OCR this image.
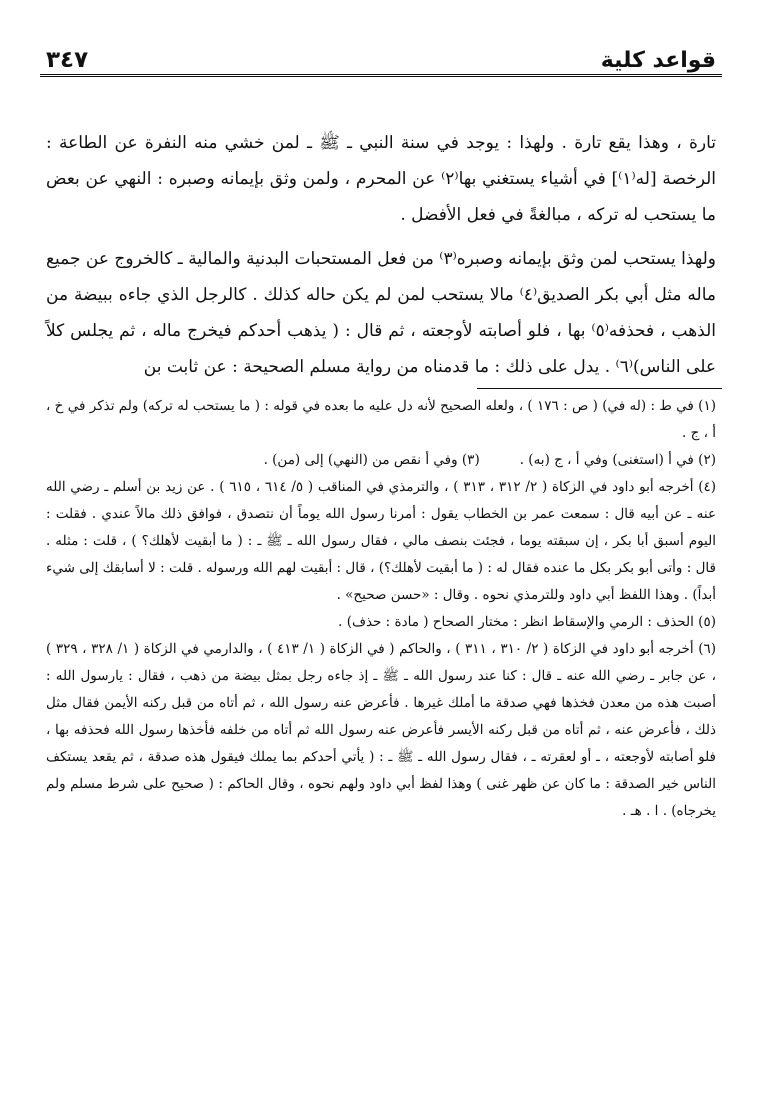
قواعد كلية
٣٤٧

تارة ، وهذا يقع تارة . ولهذا : يوجد في سنة النبي ـ ﷺ ـ لمن خشي منه النفرة عن الطاعة : الرخصة [له⁽١⁾] في أشياء يستغني بها⁽٢⁾ عن المحرم ، ولمن وثق بإيمانه وصبره : النهي عن بعض ما يستحب له تركه ، مبالغةً في فعل الأفضل .

ولهذا يستحب لمن وثق بإيمانه وصبره⁽٣⁾ من فعل المستحبات البدنية والمالية ـ كالخروج عن جميع ماله مثل أبي بكر الصديق⁽٤⁾ مالا يستحب لمن لم يكن حاله كذلك . كالرجل الذي جاءه ببيضة من الذهب ، فحذفه⁽٥⁾ بها ، فلو أصابته لأوجعته ، ثم قال : ( يذهب أحدكم فيخرج ماله ، ثم يجلس كلاً على الناس)⁽٦⁾ . يدل على ذلك : ما قدمناه من رواية مسلم الصحيحة : عن ثابت بن

(١) في ط : (له في) ( ص : ١٧٦ ) ، ولعله الصحيح لأنه دل عليه ما بعده في قوله : ( ما يستحب له تركه) ولم تذكر في خ ، أ ، ج .

(٢) في أ (استغنى) وفي أ ، ج (به) .
(٣) وفي أ نقص من (النهي) إلى (من) .

(٤) أخرجه أبو داود في الزكاة ( ٢/ ٣١٢ ، ٣١٣ ) ، والترمذي في المناقب ( ٥/ ٦١٤ ، ٦١٥ ) . عن زيد بن أسلم ـ رضي الله عنه ـ عن أبيه قال : سمعت عمر بن الخطاب يقول : أمرنا رسول الله يوماً أن نتصدق ، فوافق ذلك مالاً عندي . فقلت : اليوم أسبق أبا بكر ، إن سبقته يوما ، فجئت بنصف مالي ، فقال رسول الله ـ ﷺ ـ : ( ما أبقيت لأهلك؟ ) ، قلت : مثله . قال : وأتى أبو بكر بكل ما عنده فقال له : ( ما أبقيت لأهلك؟) ، قال : أبقيت لهم الله ورسوله . قلت : لا أسابقك إلى شيء أبداً) . وهذا اللفظ أبي داود وللترمذي نحوه . وقال : «حسن صحيح» .

(٥) الحذف : الرمي والإسقاط انظر : مختار الصحاح ( مادة : حذف) .

(٦) أخرجه أبو داود في الزكاة ( ٢/ ٣١٠ ، ٣١١ ) ، والحاكم ( في الزكاة ( ١/ ٤١٣ ) ، والدارمي في الزكاة ( ١/ ٣٢٨ ، ٣٢٩ ) ، عن جابر ـ رضي الله عنه ـ قال : كنا عند رسول الله ـ ﷺ ـ إذ جاءه رجل بمثل بيضة من ذهب ، فقال : يارسول الله : أصبت هذه من معدن فخذها فهي صدقة ما أملك غيرها . فأعرض عنه رسول الله ، ثم أتاه من قبل ركنه الأيمن فقال مثل ذلك ، فأعرض عنه ، ثم أتاه من قبل ركنه الأيسر فأعرض عنه رسول الله ثم أتاه من خلفه فأخذها رسول الله فحذفه بها ، فلو أصابته لأوجعته ، ـ أو لعقرته ـ ، فقال رسول الله ـ ﷺ ـ : ( يأتي أحدكم بما يملك فيقول هذه صدقة ، ثم يقعد يستكف الناس خير الصدقة : ما كان عن ظهر غنى ) وهذا لفظ أبي داود ولهم نحوه ، وقال الحاكم : ( صحيح على شرط مسلم ولم يخرجاه) . ا . هـ .
